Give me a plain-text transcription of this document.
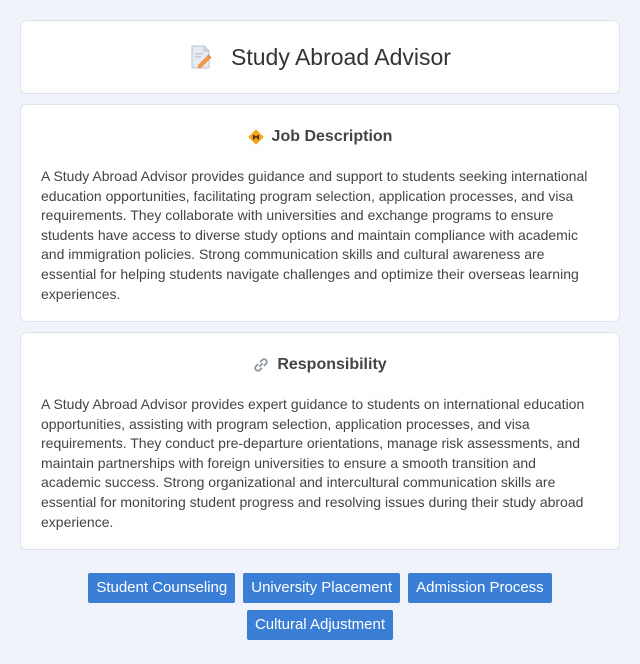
Study Abroad Advisor
Job Description

A Study Abroad Advisor provides guidance and support to students seeking international education opportunities, facilitating program selection, application processes, and visa requirements. They collaborate with universities and exchange programs to ensure students have access to diverse study options and maintain compliance with academic and immigration policies. Strong communication skills and cultural awareness are essential for helping students navigate challenges and optimize their overseas learning experiences.

Responsibility

A Study Abroad Advisor provides expert guidance to students on international education opportunities, assisting with program selection, application processes, and visa requirements. They conduct pre-departure orientations, manage risk assessments, and maintain partnerships with foreign universities to ensure a smooth transition and academic success. Strong organizational and intercultural communication skills are essential for monitoring student progress and resolving issues during their study abroad experience.

Student Counseling	University Placement	Admission Process
Cultural Adjustment
